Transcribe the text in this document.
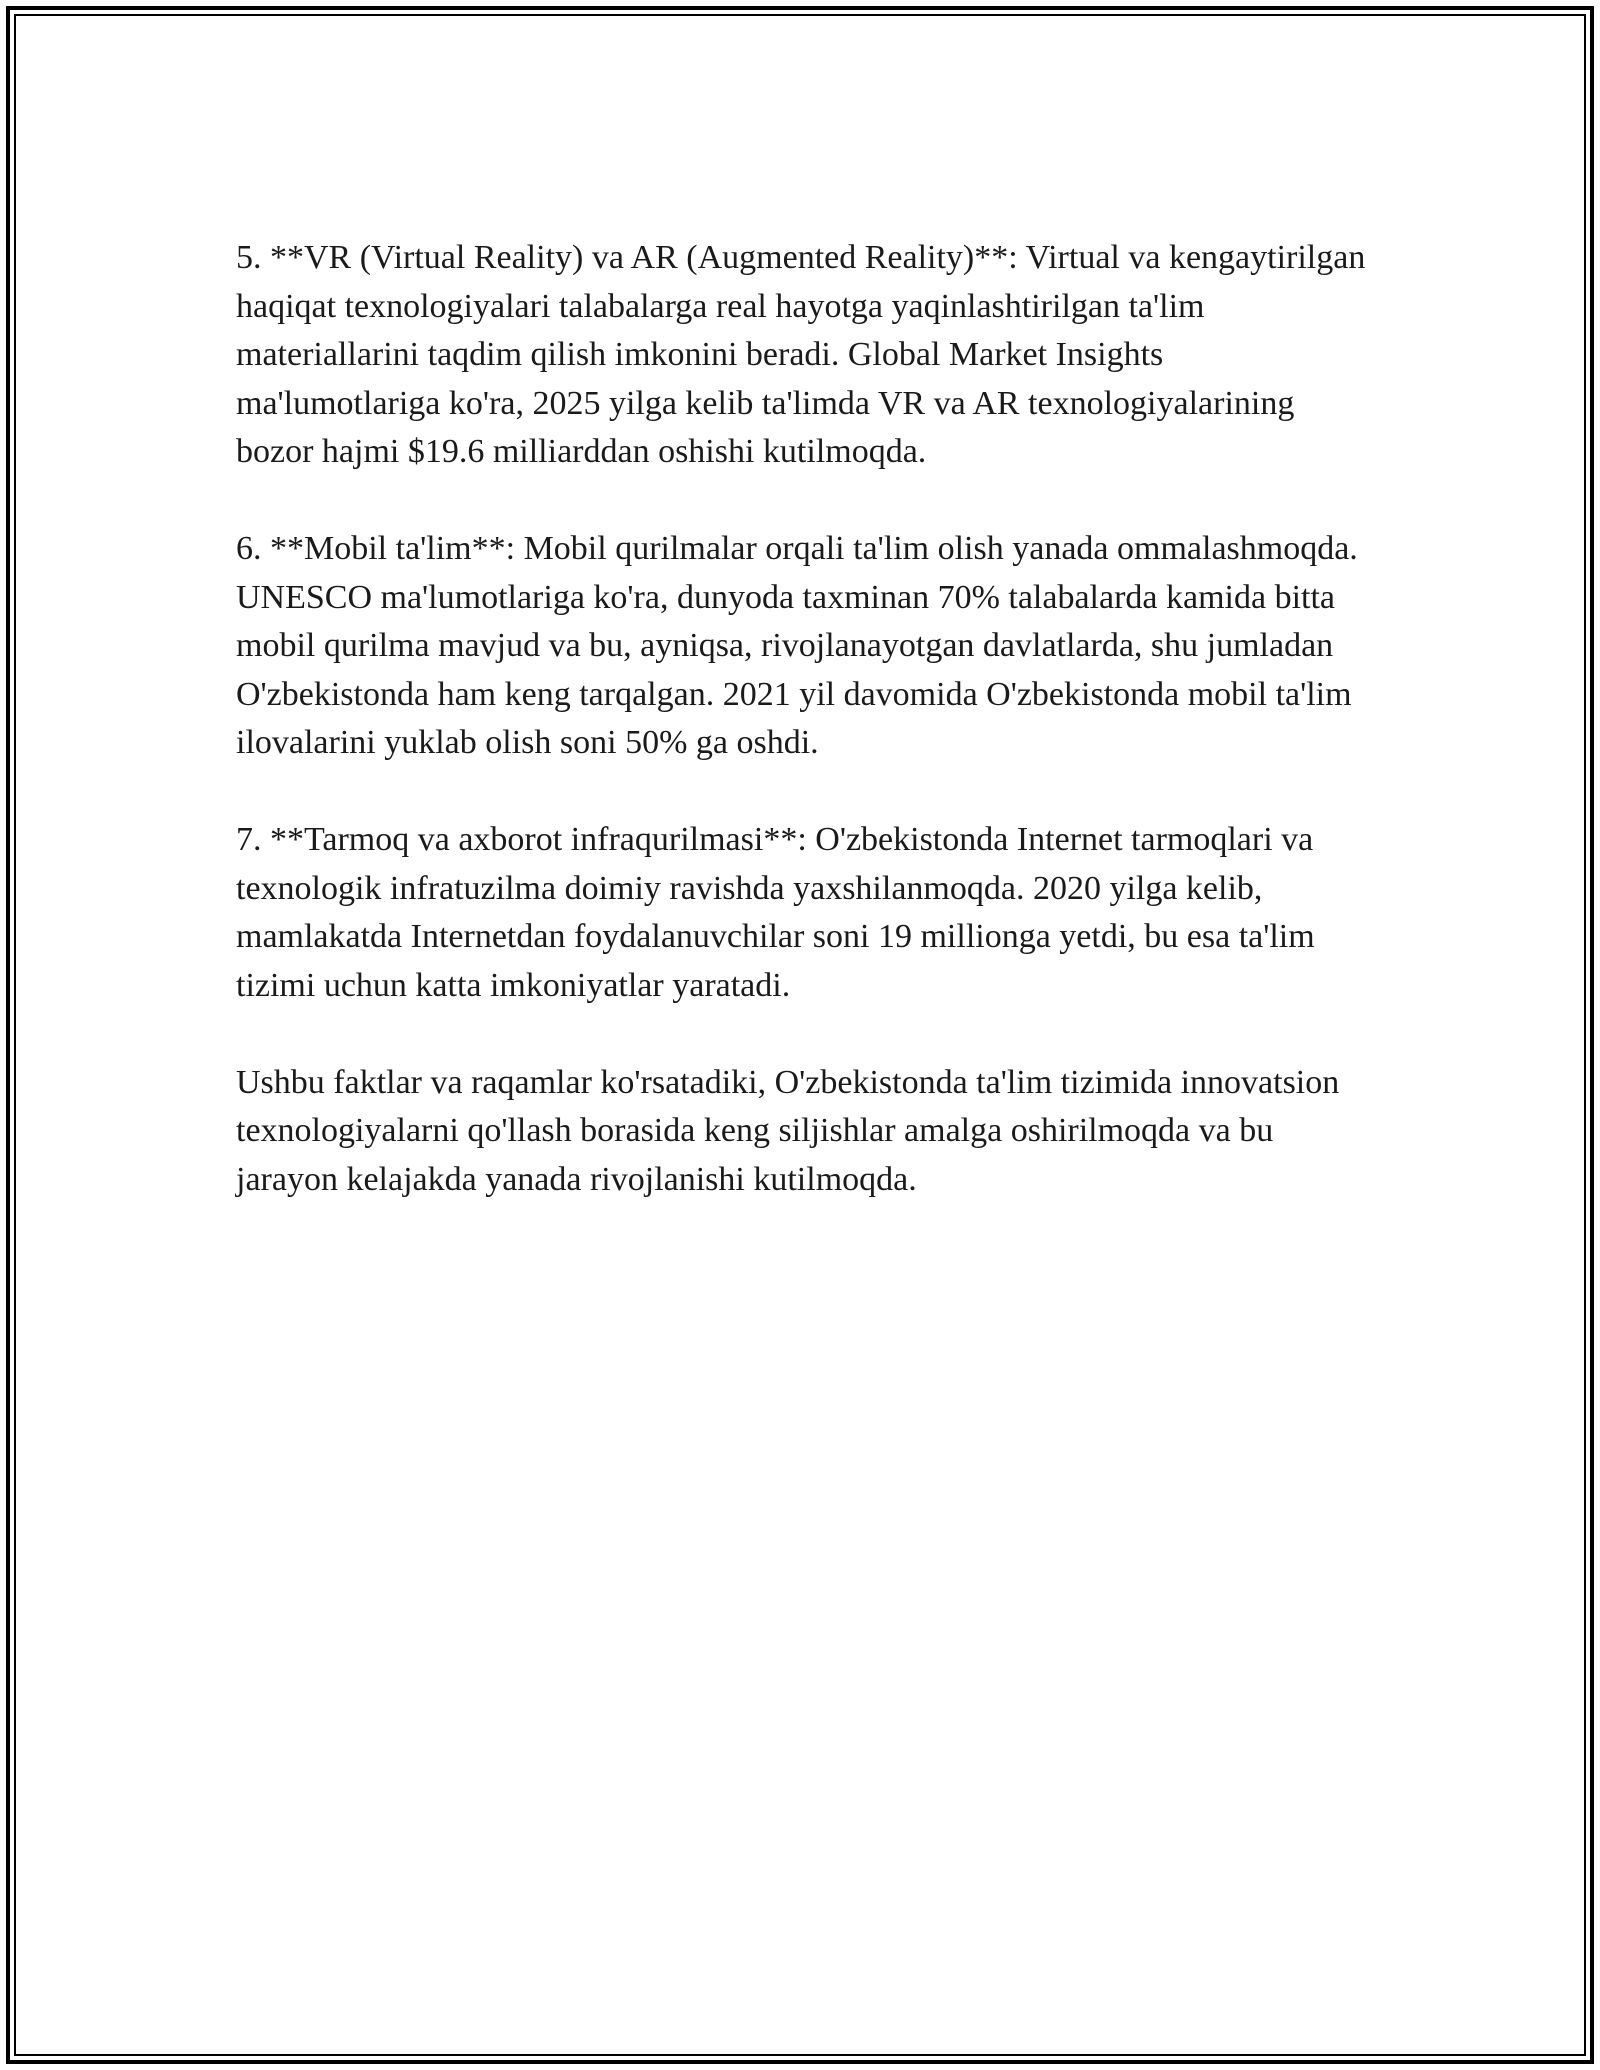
5. **VR (Virtual Reality) va AR (Augmented Reality)**: Virtual va kengaytirilgan haqiqat texnologiyalari talabalarga real hayotga yaqinlashtirilgan ta'lim materiallarini taqdim qilish imkonini beradi. Global Market Insights ma'lumotlariga ko'ra, 2025 yilga kelib ta'limda VR va AR texnologiyalarining bozor hajmi $19.6 milliarddan oshishi kutilmoqda.

6. **Mobil ta'lim**: Mobil qurilmalar orqali ta'lim olish yanada ommalashmoqda. UNESCO ma'lumotlariga ko'ra, dunyoda taxminan 70% talabalarda kamida bitta mobil qurilma mavjud va bu, ayniqsa, rivojlanayotgan davlatlarda, shu jumladan O'zbekistonda ham keng tarqalgan. 2021 yil davomida O'zbekistonda mobil ta'lim ilovalarini yuklab olish soni 50% ga oshdi.

7. **Tarmoq va axborot infraqurilmasi**: O'zbekistonda Internet tarmoqlari va texnologik infratuzilma doimiy ravishda yaxshilanmoqda. 2020 yilga kelib, mamlakatda Internetdan foydalanuvchilar soni 19 millionga yetdi, bu esa ta'lim tizimi uchun katta imkoniyatlar yaratadi.

Ushbu faktlar va raqamlar ko'rsatadiki, O'zbekistonda ta'lim tizimida innovatsion texnologiyalarni qo'llash borasida keng siljishlar amalga oshirilmoqda va bu jarayon kelajakda yanada rivojlanishi kutilmoqda.
